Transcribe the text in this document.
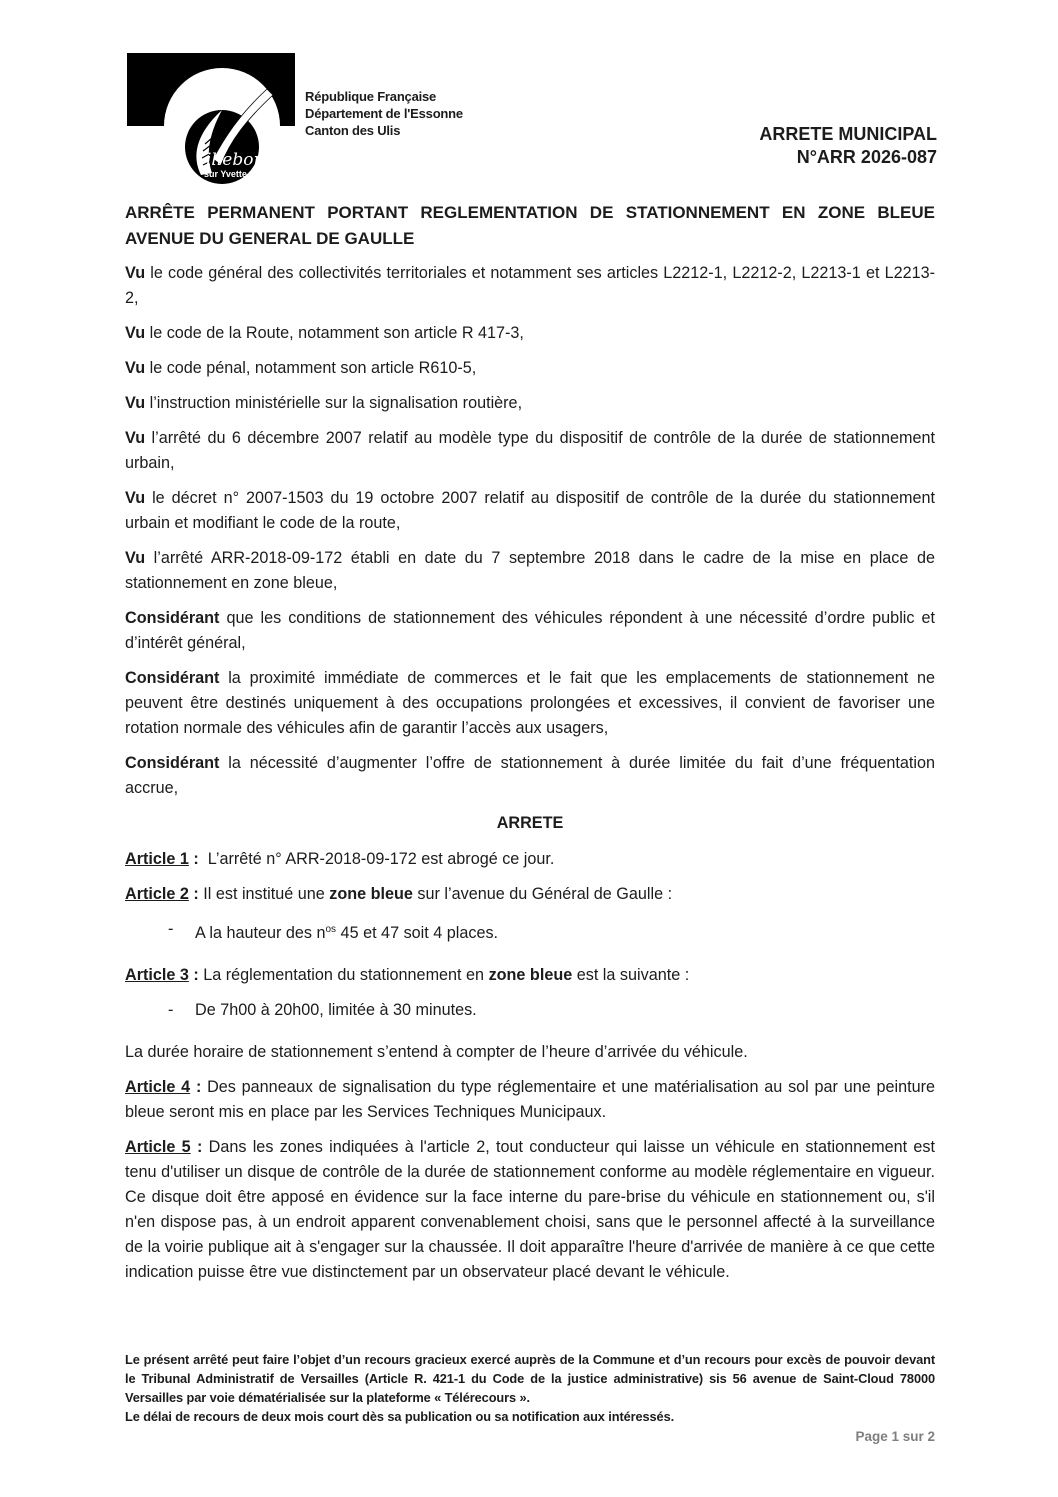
illebon
sur Yvette
République Française
Département de l'Essonne
Canton des Ulis	ARRETE MUNICIPAL
N°ARR 2026-087
ARRÊTE PERMANENT PORTANT REGLEMENTATION DE STATIONNEMENT EN ZONE BLEUE AVENUE DU GENERAL DE GAULLE

Vu le code général des collectivités territoriales et notamment ses articles L2212-1, L2212-2, L2213-1 et L2213-2,

Vu le code de la Route, notamment son article R 417-3,

Vu le code pénal, notamment son article R610-5,

Vu l’instruction ministérielle sur la signalisation routière,

Vu l’arrêté du 6 décembre 2007 relatif au modèle type du dispositif de contrôle de la durée de stationnement urbain,

Vu le décret n° 2007-1503 du 19 octobre 2007 relatif au dispositif de contrôle de la durée du stationnement urbain et modifiant le code de la route,

Vu l’arrêté ARR-2018-09-172 établi en date du 7 septembre 2018 dans le cadre de la mise en place de stationnement en zone bleue,

Considérant que les conditions de stationnement des véhicules répondent à une nécessité d’ordre public et d’intérêt général,

Considérant la proximité immédiate de commerces et le fait que les emplacements de stationnement ne peuvent être destinés uniquement à des occupations prolongées et excessives, il convient de favoriser une rotation normale des véhicules afin de garantir l’accès aux usagers,

Considérant la nécessité d’augmenter l’offre de stationnement à durée limitée du fait d’une fréquentation accrue,

ARRETE

Article 1 :  L’arrêté n° ARR-2018-09-172 est abrogé ce jour.

Article 2 : Il est institué une zone bleue sur l’avenue du Général de Gaulle :

- A la hauteur des $n^{os}$ 45 et 47 soit 4 places.

Article 3 : La réglementation du stationnement en zone bleue est la suivante :

- De 7h00 à 20h00, limitée à 30 minutes.

La durée horaire de stationnement s’entend à compter de l’heure d’arrivée du véhicule.

Article 4 : Des panneaux de signalisation du type réglementaire et une matérialisation au sol par une peinture bleue seront mis en place par les Services Techniques Municipaux.

Article 5 : Dans les zones indiquées à l'article 2, tout conducteur qui laisse un véhicule en stationnement est tenu d'utiliser un disque de contrôle de la durée de stationnement conforme au modèle réglementaire en vigueur. Ce disque doit être apposé en évidence sur la face interne du pare-brise du véhicule en stationnement ou, s'il n'en dispose pas, à un endroit apparent convenablement choisi, sans que le personnel affecté à la surveillance de la voirie publique ait à s'engager sur la chaussée. Il doit apparaître l'heure d'arrivée de manière à ce que cette indication puisse être vue distinctement par un observateur placé devant le véhicule.

Le présent arrêté peut faire l’objet d’un recours gracieux exercé auprès de la Commune et d’un recours pour excès de pouvoir devant le Tribunal Administratif de Versailles (Article R. 421-1 du Code de la justice administrative) sis 56 avenue de Saint-Cloud 78000 Versailles par voie dématérialisée sur la plateforme « Télérecours ».

Le délai de recours de deux mois court dès sa publication ou sa notification aux intéressés.

Page 1 sur 2
